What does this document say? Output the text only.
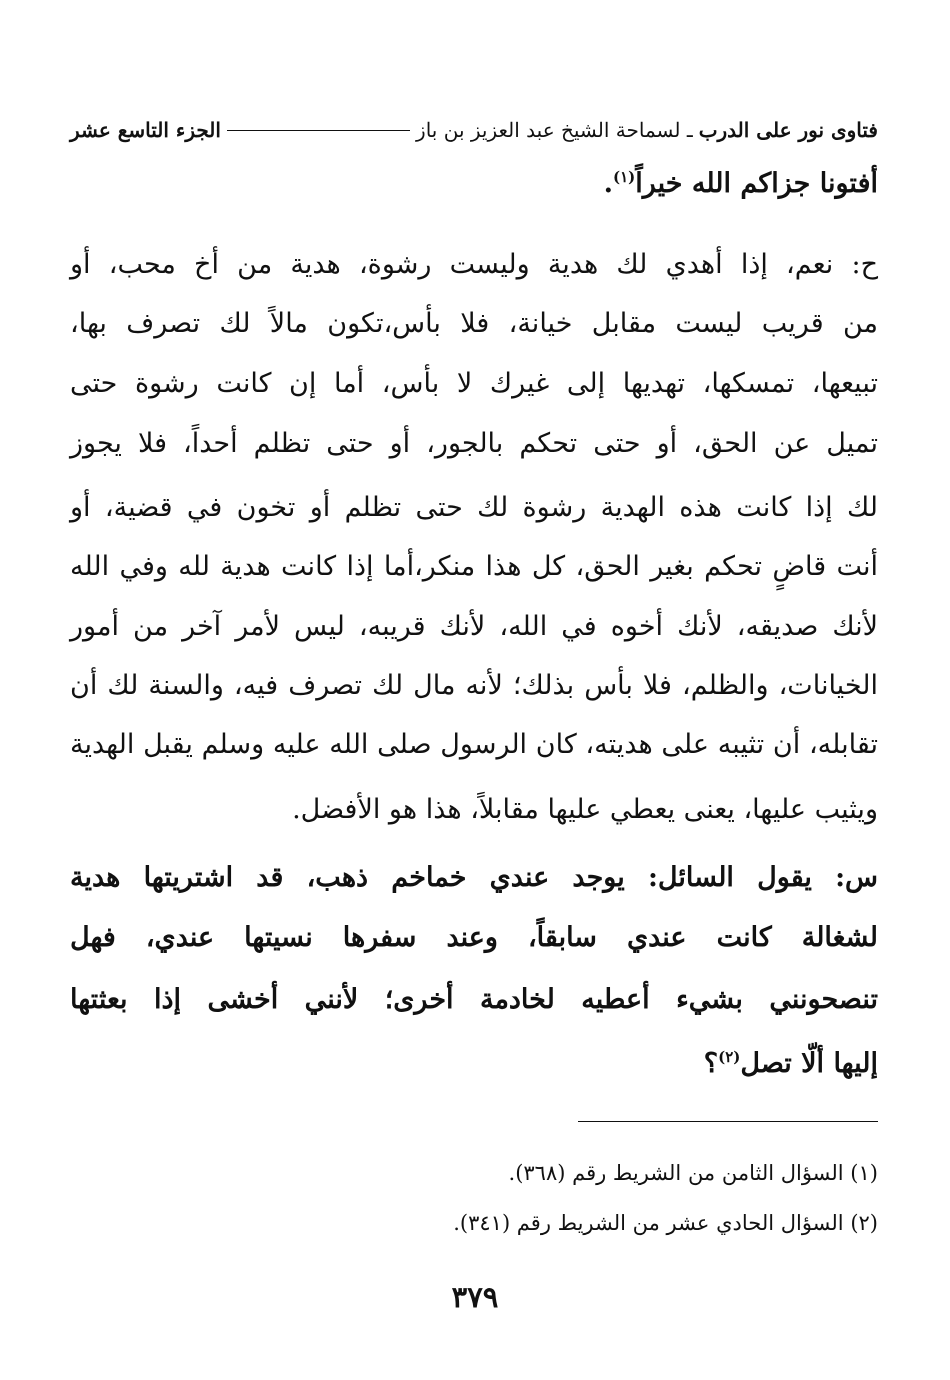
فتاوى نور على الدرب
ـ لسماحة الشيخ عبد العزيز بن باز
الجزء التاسع عشر
أفتونا جزاكم الله خيراً$^{(١)}$.
ح: نعم، إذا أهدي لك هدية وليست رشوة، هدية من أخ محب، أو
من قريب ليست مقابل خيانة، فلا بأس،تكون مالاً لك تصرف بها،
تبيعها، تمسكها، تهديها إلى غيرك لا بأس، أما إن كانت رشوة حتى
تميل عن الحق، أو حتى تحكم بالجور، أو حتى تظلم أحداً، فلا يجوز
لك إذا كانت هذه الهدية رشوة لك حتى تظلم أو تخون في قضية، أو
أنت قاضٍ تحكم بغير الحق، كل هذا منكر،أما إذا كانت هدية لله وفي الله
لأنك صديقه، لأنك أخوه في الله، لأنك قريبه، ليس لأمر آخر من أمور
الخيانات، والظلم، فلا بأس بذلك؛ لأنه مال لك تصرف فيه، والسنة لك أن
تقابله، أن تثيبه على هديته، كان الرسول صلى الله عليه وسلم يقبل الهدية
ويثيب عليها، يعنى يعطي عليها مقابلاً، هذا هو الأفضل.
س: يقول السائل: يوجد عندي خماخم ذهب، قد اشتريتها هدية
لشغالة كانت عندي سابقاً، وعند سفرها نسيتها عندي، فهل
تنصحونني بشيء أعطيه لخادمة أخرى؛ لأنني أخشى إذا بعثتها
إليها ألّا تصل$^{(٢)}$؟
(١) السؤال الثامن من الشريط رقم (٣٦٨).
(٢) السؤال الحادي عشر من الشريط رقم (٣٤١).
٣٧٩
